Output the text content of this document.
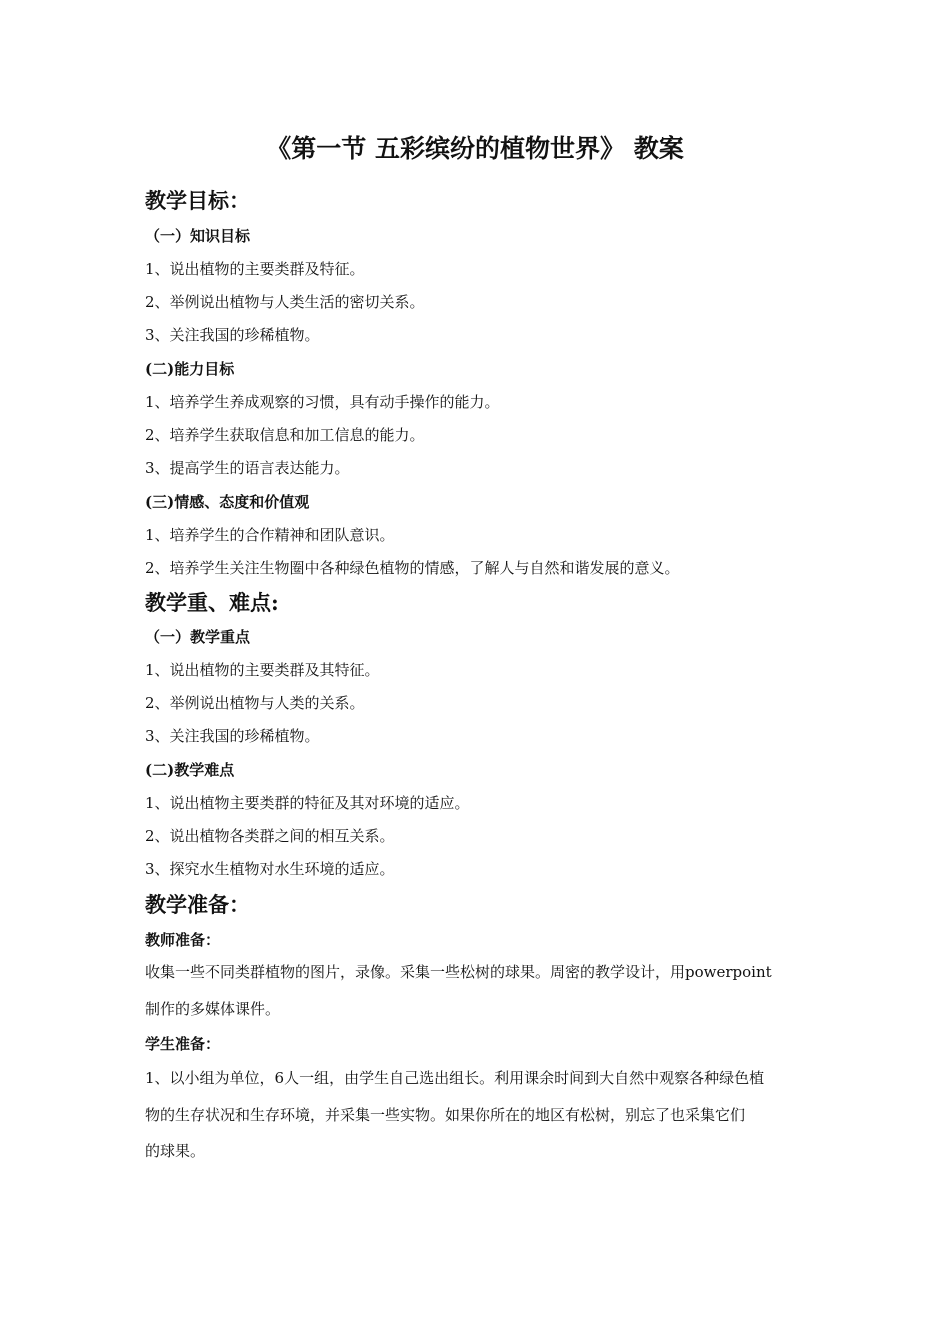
《第一节 五彩缤纷的植物世界》 教案
教学目标：
（一）知识目标

1、说出植物的主要类群及特征。

2、举例说出植物与人类生活的密切关系。

3、关注我国的珍稀植物。

(二)能力目标

1、培养学生养成观察的习惯，具有动手操作的能力。

2、培养学生获取信息和加工信息的能力。

3、提高学生的语言表达能力。

(三)情感、态度和价值观

1、培养学生的合作精神和团队意识。

2、培养学生关注生物圈中各种绿色植物的情感，了解人与自然和谐发展的意义。

教学重、难点:
（一）教学重点

1、说出植物的主要类群及其特征。

2、举例说出植物与人类的关系。

3、关注我国的珍稀植物。

(二)教学难点

1、说出植物主要类群的特征及其对环境的适应。

2、说出植物各类群之间的相互关系。

3、探究水生植物对水生环境的适应。

教学准备：
教师准备：

收集一些不同类群植物的图片，录像。采集一些松树的球果。周密的教学设计，用powerpoint

制作的多媒体课件。

学生准备：

1、以小组为单位，6人一组，由学生自己选出组长。利用课余时间到大自然中观察各种绿色植

物的生存状况和生存环境，并采集一些实物。如果你所在的地区有松树，别忘了也采集它们

的球果。
